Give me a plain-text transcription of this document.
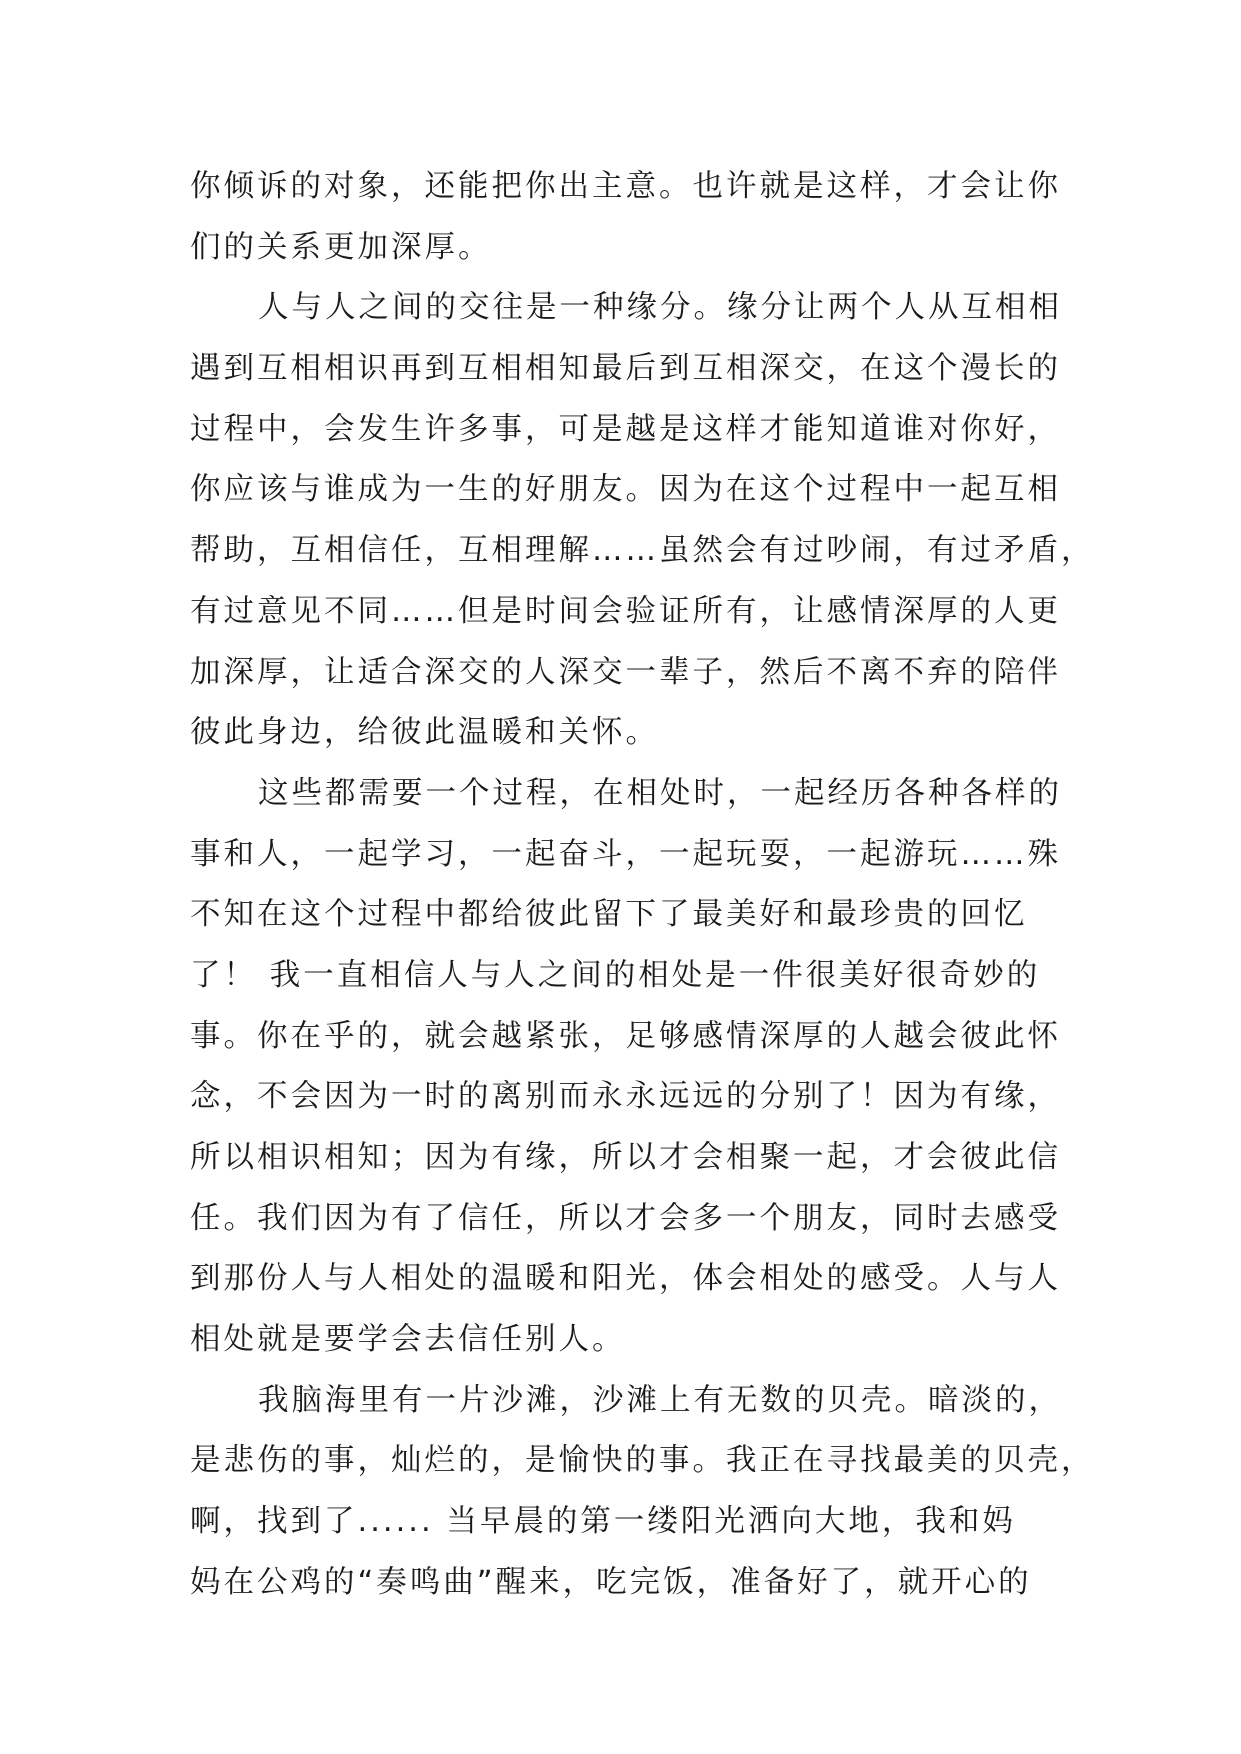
你倾诉的对象，还能把你出主意。也许就是这样，才会让你
们的关系更加深厚。
人与人之间的交往是一种缘分。缘分让两个人从互相相
遇到互相相识再到互相相知最后到互相深交，在这个漫长的
过程中，会发生许多事，可是越是这样才能知道谁对你好，
你应该与谁成为一生的好朋友。因为在这个过程中一起互相
帮助，互相信任，互相理解……虽然会有过吵闹，有过矛盾，
有过意见不同……但是时间会验证所有，让感情深厚的人更
加深厚，让适合深交的人深交一辈子，然后不离不弃的陪伴
彼此身边，给彼此温暖和关怀。
这些都需要一个过程，在相处时，一起经历各种各样的
事和人，一起学习，一起奋斗，一起玩耍，一起游玩……殊
不知在这个过程中都给彼此留下了最美好和最珍贵的回忆
了！ 我一直相信人与人之间的相处是一件很美好很奇妙的
事。你在乎的，就会越紧张，足够感情深厚的人越会彼此怀
念，不会因为一时的离别而永永远远的分别了！因为有缘，
所以相识相知；因为有缘，所以才会相聚一起，才会彼此信
任。我们因为有了信任，所以才会多一个朋友，同时去感受
到那份人与人相处的温暖和阳光，体会相处的感受。人与人
相处就是要学会去信任别人。
我脑海里有一片沙滩，沙滩上有无数的贝壳。暗淡的，
是悲伤的事，灿烂的，是愉快的事。我正在寻找最美的贝壳，
啊，找到了...... 当早晨的第一缕阳光洒向大地，我和妈
妈在公鸡的“奏鸣曲”醒来，吃完饭，准备好了，就开心的
